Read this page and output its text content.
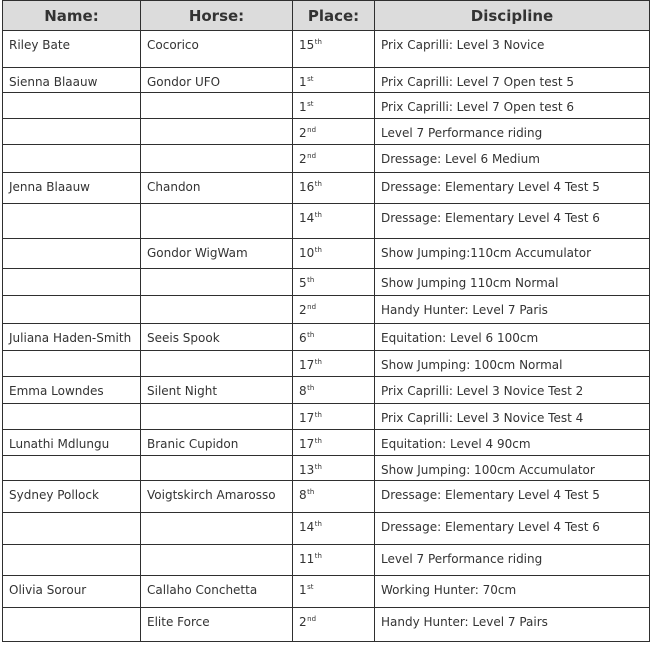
Name:	Horse:	Place:	Discipline
Riley Bate	Cocorico	15th	Prix Caprilli: Level 3 Novice
Sienna Blaauw	Gondor UFO	1st	Prix Caprilli: Level 7 Open test 5
		1st	Prix Caprilli: Level 7 Open test 6
		2nd	Level 7 Performance riding
		2nd	Dressage: Level 6 Medium
Jenna Blaauw	Chandon	16th	Dressage: Elementary Level 4 Test 5
		14th	Dressage: Elementary Level 4 Test 6
	Gondor WigWam	10th	Show Jumping:110cm Accumulator
		5th	Show Jumping 110cm Normal
		2nd	Handy Hunter: Level 7 Paris
Juliana Haden-Smith	Seeis Spook	6th	Equitation: Level 6 100cm
		17th	Show Jumping: 100cm Normal
Emma Lowndes	Silent Night	8th	Prix Caprilli: Level 3 Novice Test 2
		17th	Prix Caprilli: Level 3 Novice Test 4
Lunathi Mdlungu	Branic Cupidon	17th	Equitation: Level 4 90cm
		13th	Show Jumping: 100cm Accumulator
Sydney Pollock	Voigtskirch Amarosso	8th	Dressage: Elementary Level 4 Test 5
		14th	Dressage: Elementary Level 4 Test 6
		11th	Level 7 Performance riding
Olivia Sorour	Callaho Conchetta	1st	Working Hunter: 70cm
	Elite Force	2nd	Handy Hunter: Level 7 Pairs
